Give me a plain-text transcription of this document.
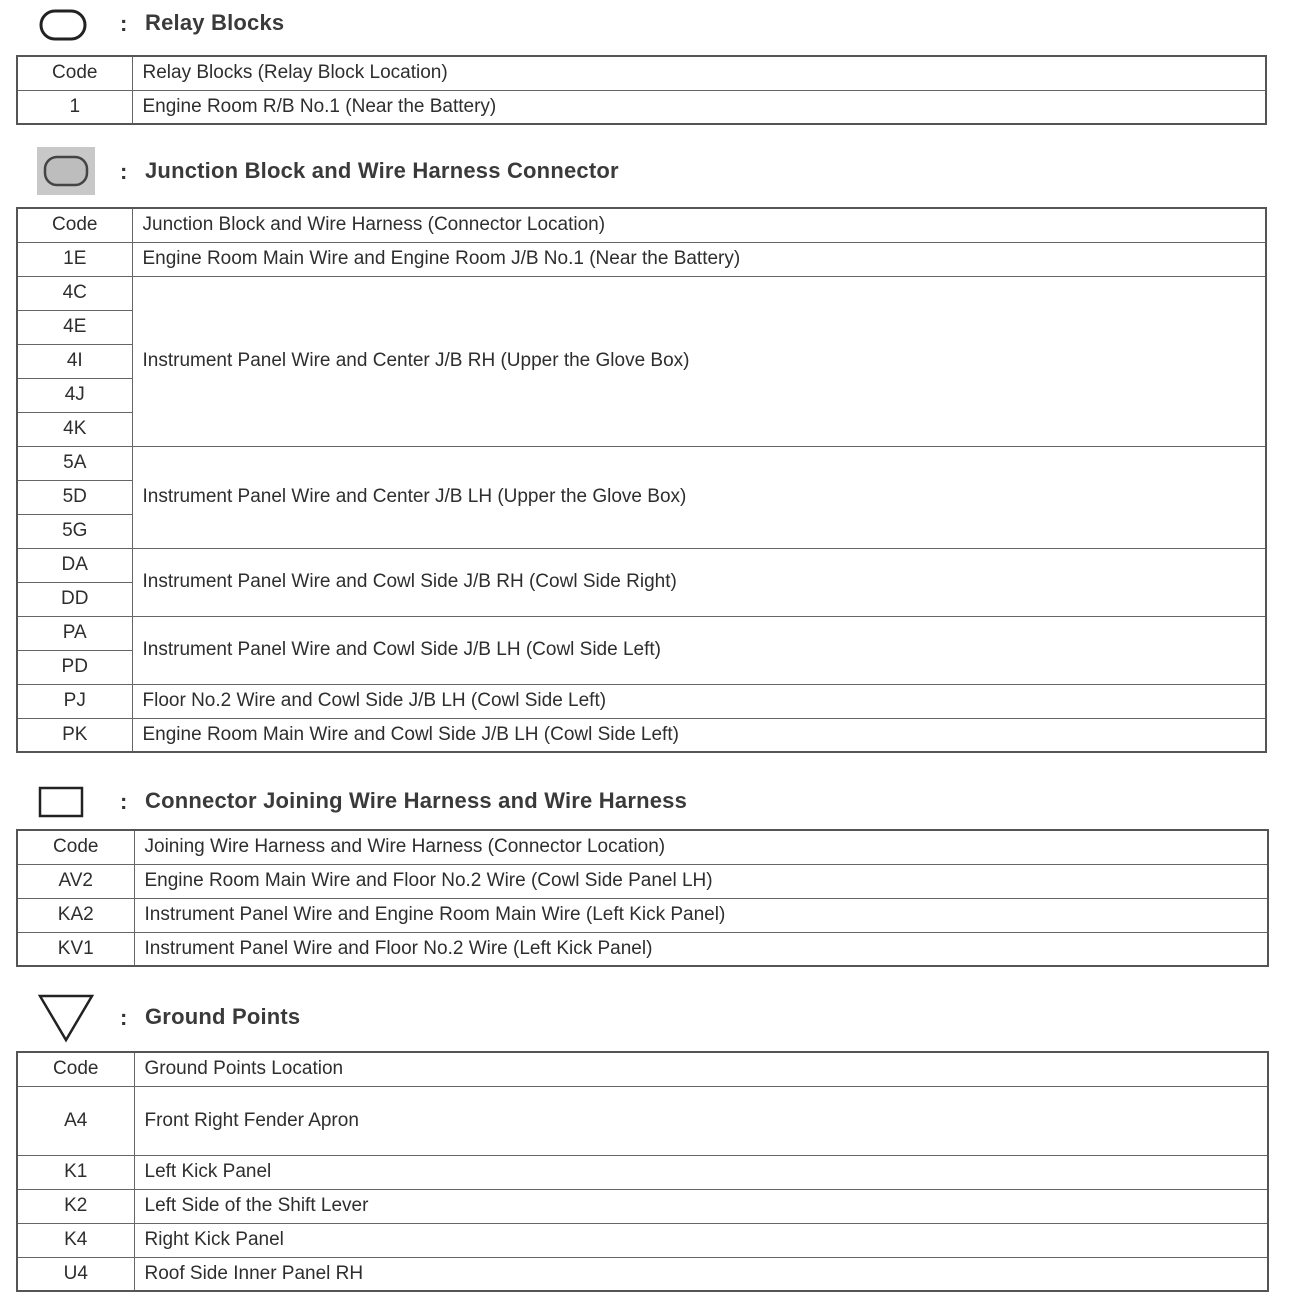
: Relay Blocks
Code	Relay Blocks (Relay Block Location)
1	Engine Room R/B No.1 (Near the Battery)
: Junction Block and Wire Harness Connector
Code	Junction Block and Wire Harness (Connector Location)
1E	Engine Room Main Wire and Engine Room J/B No.1 (Near the Battery)
4C	Instrument Panel Wire and Center J/B RH (Upper the Glove Box)
4E	
4I	
4J	
4K	
5A	Instrument Panel Wire and Center J/B LH (Upper the Glove Box)
5D	
5G	
DA	Instrument Panel Wire and Cowl Side J/B RH (Cowl Side Right)
DD	
PA	Instrument Panel Wire and Cowl Side J/B LH (Cowl Side Left)
PD	
PJ	Floor No.2 Wire and Cowl Side J/B LH (Cowl Side Left)
PK	Engine Room Main Wire and Cowl Side J/B LH (Cowl Side Left)
: Connector Joining Wire Harness and Wire Harness
Code	Joining Wire Harness and Wire Harness (Connector Location)
AV2	Engine Room Main Wire and Floor No.2 Wire (Cowl Side Panel LH)
KA2	Instrument Panel Wire and Engine Room Main Wire (Left Kick Panel)
KV1	Instrument Panel Wire and Floor No.2 Wire (Left Kick Panel)
: Ground Points
Code	Ground Points Location
A4	Front Right Fender Apron
K1	Left Kick Panel
K2	Left Side of the Shift Lever
K4	Right Kick Panel
U4	Roof Side Inner Panel RH
